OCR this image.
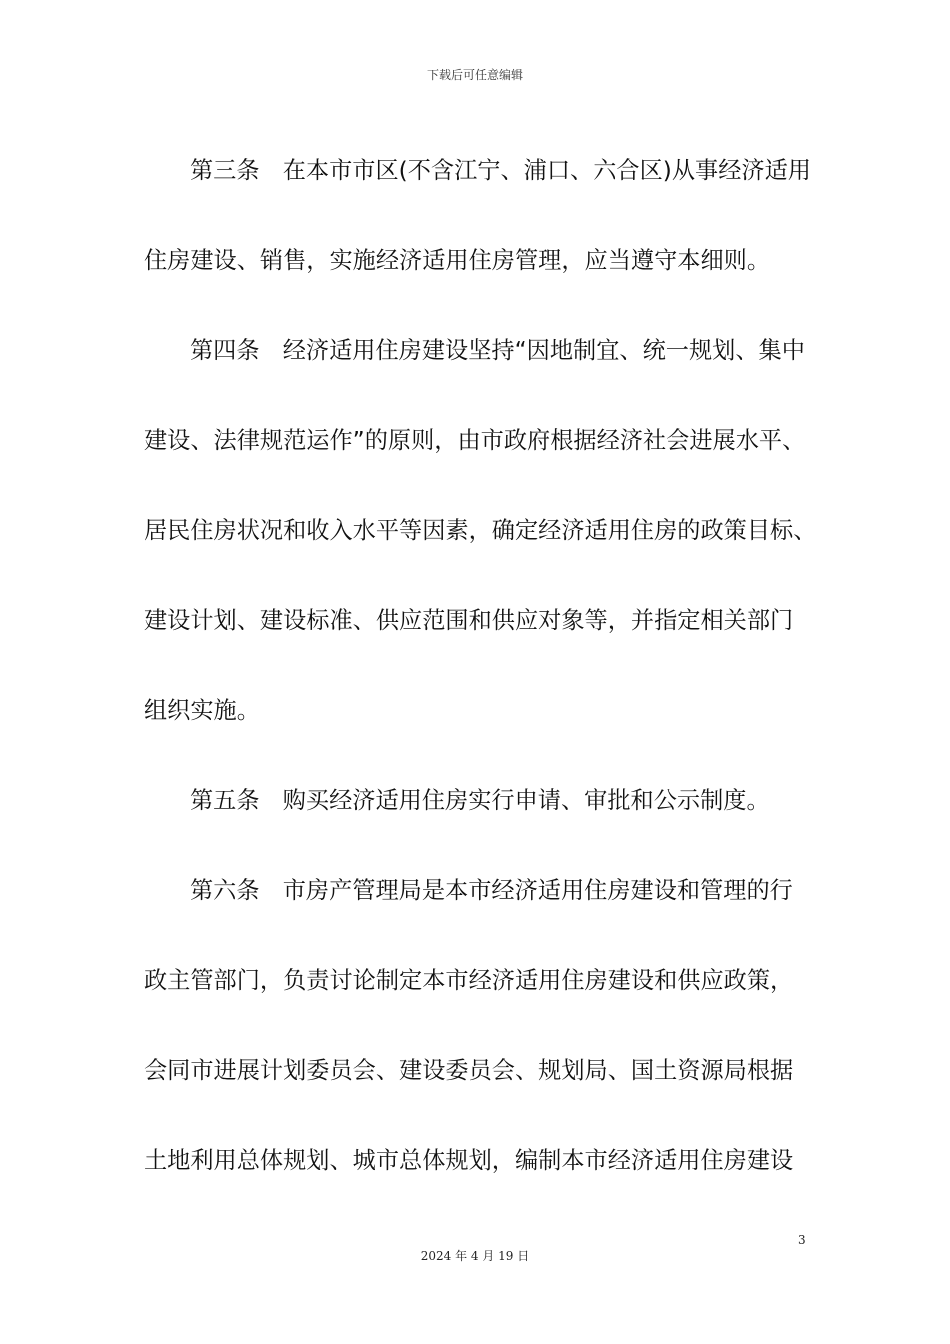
下载后可任意编辑
第三条　在本市市区(不含江宁、浦口、六合区)从事经济适用
住房建设、销售，实施经济适用住房管理，应当遵守本细则。
第四条　经济适用住房建设坚持“因地制宜、统一规划、集中
建设、法律规范运作”的原则，由市政府根据经济社会进展水平、
居民住房状况和收入水平等因素，确定经济适用住房的政策目标、
建设计划、建设标准、供应范围和供应对象等，并指定相关部门
组织实施。
第五条　购买经济适用住房实行申请、审批和公示制度。
第六条　市房产管理局是本市经济适用住房建设和管理的行
政主管部门，负责讨论制定本市经济适用住房建设和供应政策，
会同市进展计划委员会、建设委员会、规划局、国土资源局根据
土地利用总体规划、城市总体规划，编制本市经济适用住房建设
3
2024 年 4 月 19 日
